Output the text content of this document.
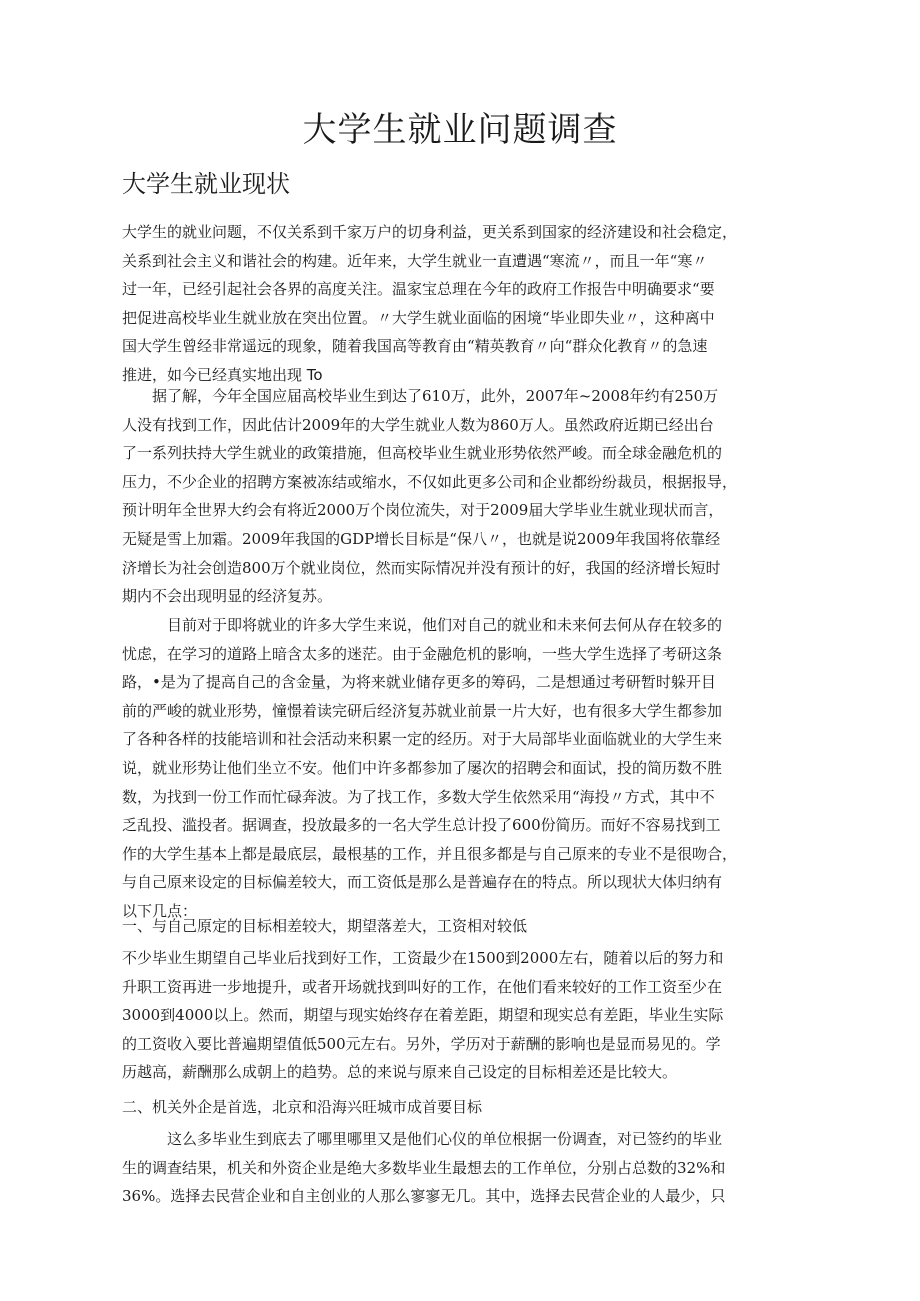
大学生就业问题调查
大学生就业现状
大学生的就业问题，不仅关系到千家万户的切身利益，更关系到国家的经济建设和社会稳定，
关系到社会主义和谐社会的构建。近年来，大学生就业一直遭遇“寒流〃，而且一年“寒〃
过一年，已经引起社会各界的高度关注。温家宝总理在今年的政府工作报告中明确要求“要
把促进高校毕业生就业放在突出位置。〃大学生就业面临的困境“毕业即失业〃，这种离中
国大学生曾经非常遥远的现象，随着我国高等教育由“精英教育〃向“群众化教育〃的急速
推进，如今已经真实地出现 To
据了解，今年全国应届高校毕业生到达了610万，此外，2007年~2008年约有250万
人没有找到工作，因此估计2009年的大学生就业人数为860万人。虽然政府近期已经出台
了一系列扶持大学生就业的政策措施，但高校毕业生就业形势依然严峻。而全球金融危机的
压力，不少企业的招聘方案被冻结或缩水，不仅如此更多公司和企业都纷纷裁员，根据报导，
预计明年全世界大约会有将近2000万个岗位流失，对于2009届大学毕业生就业现状而言，
无疑是雪上加霜。2009年我国的GDP增长目标是“保八〃，也就是说2009年我国将依靠经
济增长为社会创造800万个就业岗位，然而实际情况并没有预计的好，我国的经济增长短时
期内不会出现明显的经济复苏。
目前对于即将就业的许多大学生来说，他们对自己的就业和未来何去何从存在较多的
忧虑，在学习的道路上暗含太多的迷茫。由于金融危机的影响，一些大学生选择了考研这条
路，•是为了提高自己的含金量，为将来就业储存更多的筹码，二是想通过考研暂时躲开目
前的严峻的就业形势，憧憬着读完研后经济复苏就业前景一片大好，也有很多大学生都参加
了各种各样的技能培训和社会活动来积累一定的经历。对于大局部毕业面临就业的大学生来
说，就业形势让他们坐立不安。他们中许多都参加了屡次的招聘会和面试，投的简历数不胜
数，为找到一份工作而忙碌奔波。为了找工作，多数大学生依然采用“海投〃方式，其中不
乏乱投、滥投者。据调查，投放最多的一名大学生总计投了600份简历。而好不容易找到工
作的大学生基本上都是最底层，最根基的工作，并且很多都是与自己原来的专业不是很吻合，
与自己原来设定的目标偏差较大，而工资低是那么是普遍存在的特点。所以现状大体归纳有
以下几点：
一、与自己原定的目标相差较大，期望落差大，工资相对较低
不少毕业生期望自己毕业后找到好工作，工资最少在1500到2000左右，随着以后的努力和
升职工资再进一步地提升，或者开场就找到叫好的工作，在他们看来较好的工作工资至少在
3000到4000以上。然而，期望与现实始终存在着差距，期望和现实总有差距，毕业生实际
的工资收入要比普遍期望值低500元左右。另外，学历对于薪酬的影响也是显而易见的。学
历越高，薪酬那么成朝上的趋势。总的来说与原来自己设定的目标相差还是比较大。
二、机关外企是首选，北京和沿海兴旺城市成首要目标
这么多毕业生到底去了哪里哪里又是他们心仪的单位根据一份调查，对已签约的毕业
生的调查结果，机关和外资企业是绝大多数毕业生最想去的工作单位，分别占总数的32%和
36%。选择去民营企业和自主创业的人那么寥寥无几。其中，选择去民营企业的人最少，只
